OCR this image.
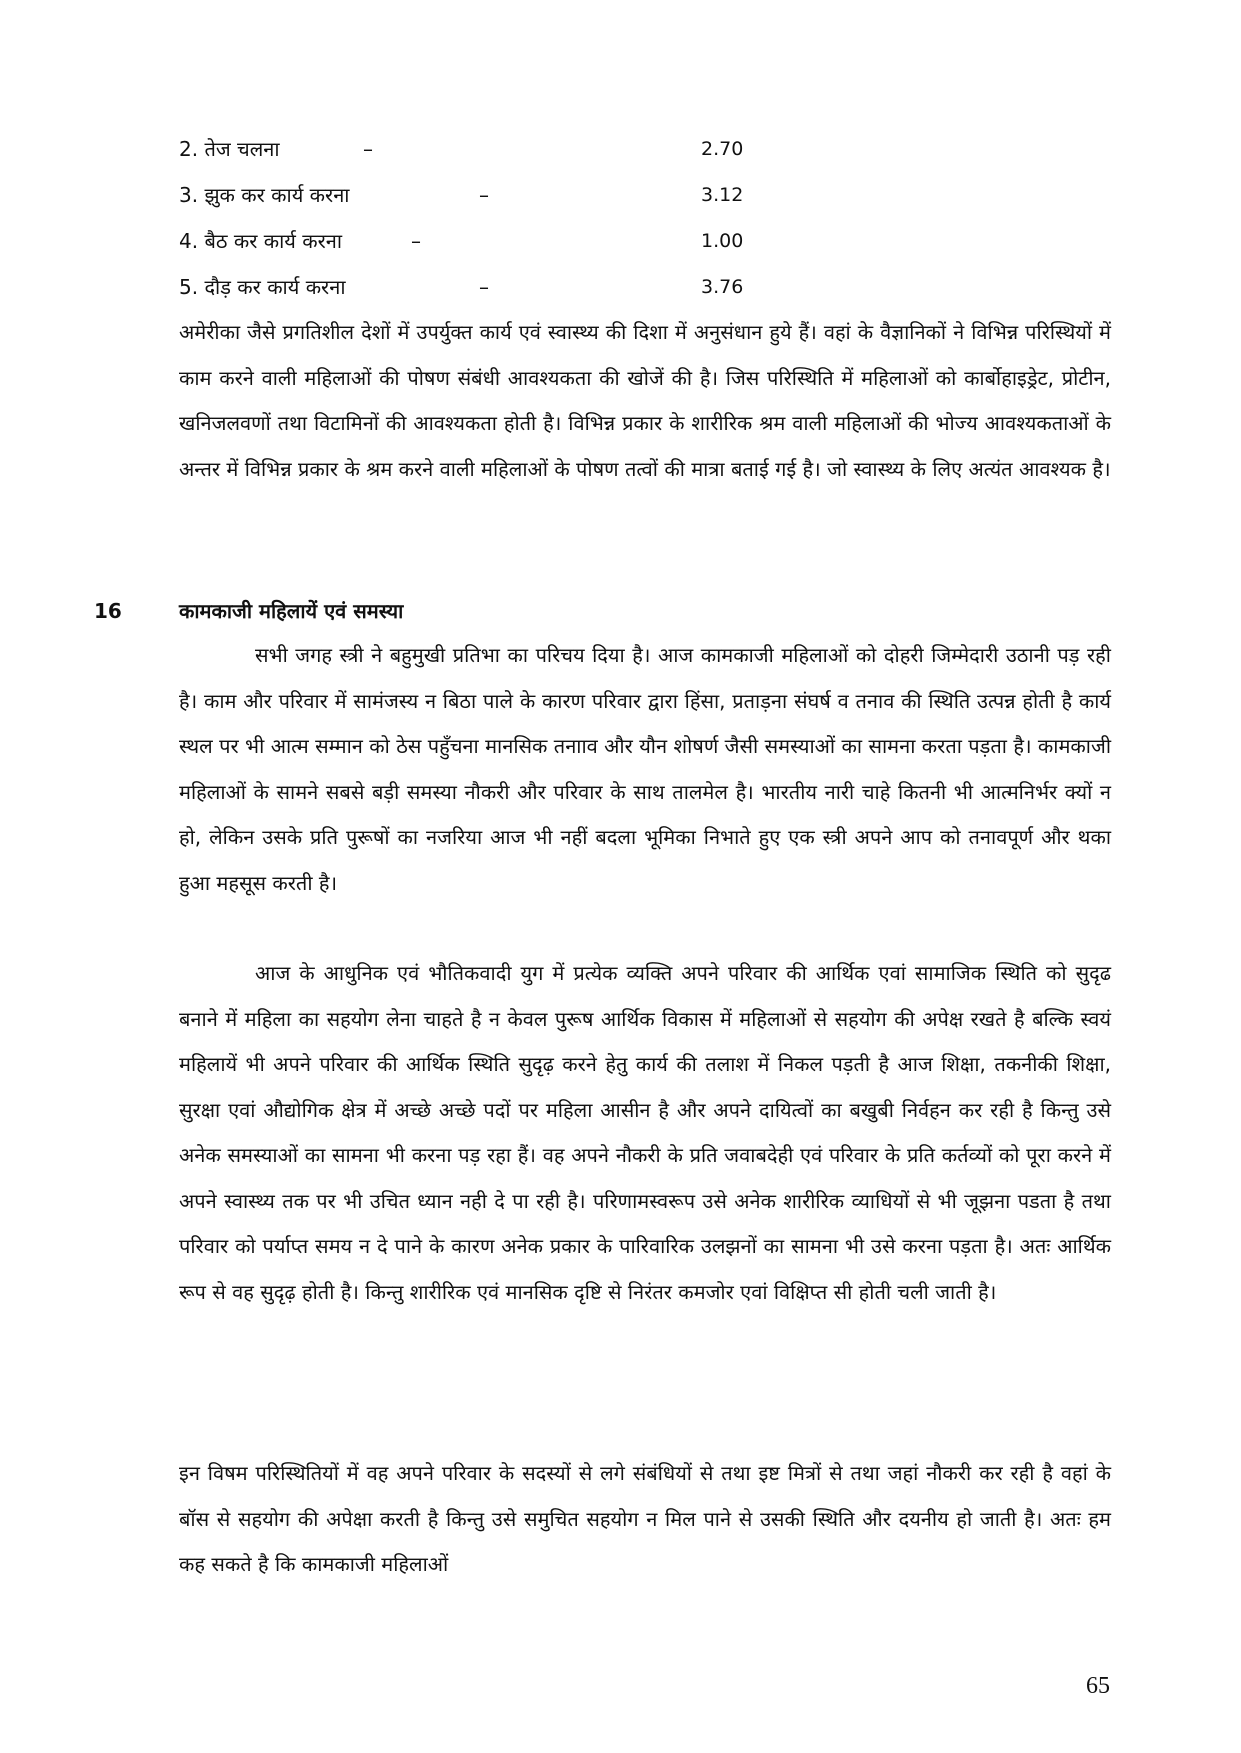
2. तेज चलना	–	2.70
3. झुक कर कार्य करना	–	3.12
4. बैठ कर कार्य करना	–	1.00
5. दौड़ कर कार्य करना	–	3.76

अमेरीका जैसे प्रगतिशील देशों में उपर्युक्त कार्य एवं स्वास्थ्य की दिशा में अनुसंधान हुये हैं। वहां के वैज्ञानिकों ने विभिन्न परिस्थियों में काम करने वाली महिलाओं की पोषण संबंधी आवश्यकता की खोजें की है। जिस परिस्थिति में महिलाओं को कार्बोहाइड्रेट, प्रोटीन, खनिजलवणों तथा विटामिनों की आवश्यकता होती है। विभिन्न प्रकार के शारीरिक श्रम वाली महिलाओं की भोज्य आवश्यकताओं के अन्तर में विभिन्न प्रकार के श्रम करने वाली महिलाओं के पोषण तत्वों की मात्रा बताई गई है। जो स्वास्थ्य के लिए अत्यंत आवश्यक है।

16	कामकाजी महिलायें एवं समस्या

सभी जगह स्त्री ने बहुमुखी प्रतिभा का परिचय दिया है। आज कामकाजी महिलाओं को दोहरी जिम्मेदारी उठानी पड़ रही है। काम और परिवार में सामंजस्य न बिठा पाले के कारण परिवार द्वारा हिंसा, प्रताड़ना संघर्ष व तनाव की स्थिति उत्पन्न होती है कार्य स्थल पर भी आत्म सम्मान को ठेस पहुँचना मानसिक तनााव और यौन शोषर्ण जैसी समस्याओं का सामना करता पड़ता है। कामकाजी महिलाओं के सामने सबसे बड़ी समस्या नौकरी और परिवार के साथ तालमेल है। भारतीय नारी चाहे कितनी भी आत्मनिर्भर क्यों न हो, लेकिन उसके प्रति पुरूषों का नजरिया आज भी नहीं बदला भूमिका निभाते हुए एक स्त्री अपने आप को तनावपूर्ण और थका हुआ महसूस करती है।

आज के आधुनिक एवं भौतिकवादी युग में प्रत्येक व्यक्ति अपने परिवार की आर्थिक एवां सामाजिक स्थिति को सुदृढ बनाने में महिला का सहयोग लेना चाहते है न केवल पुरूष आर्थिक विकास में महिलाओं से सहयोग की अपेक्ष रखते है बल्कि स्वयं महिलायें भी अपने परिवार की आर्थिक स्थिति सुदृढ़ करने हेतु कार्य की तलाश में निकल पड़ती है आज शिक्षा, तकनीकी शिक्षा, सुरक्षा एवां औद्योगिक क्षेत्र में अच्छे अच्छे पदों पर महिला आसीन है और अपने दायित्वों का बखुबी निर्वहन कर रही है किन्तु उसे अनेक समस्याओं का सामना भी करना पड़ रहा हैं। वह अपने नौकरी के प्रति जवाबदेही एवं परिवार के प्रति कर्तव्यों को पूरा करने में अपने स्वास्थ्य तक पर भी उचित ध्यान नही दे पा रही है। परिणामस्वरूप उसे अनेक शारीरिक व्याधियों से भी जूझना पडता है तथा परिवार को पर्याप्त समय न दे पाने के कारण अनेक प्रकार के पारिवारिक उलझनों का सामना भी उसे करना पड़ता है। अतः आर्थिक रूप से वह सुदृढ़ होती है। किन्तु शारीरिक एवं मानसिक दृष्टि से निरंतर कमजोर एवां विक्षिप्त सी होती चली जाती है।

इन विषम परिस्थितियों में वह अपने परिवार के सदस्यों से लगे संबंधियों से तथा इष्ट मित्रों से तथा जहां नौकरी कर रही है वहां के बॉस से सहयोग की अपेक्षा करती है किन्तु उसे समुचित सहयोग न मिल पाने से उसकी स्थिति और दयनीय हो जाती है। अतः हम कह सकते है कि कामकाजी महिलाओं

65
